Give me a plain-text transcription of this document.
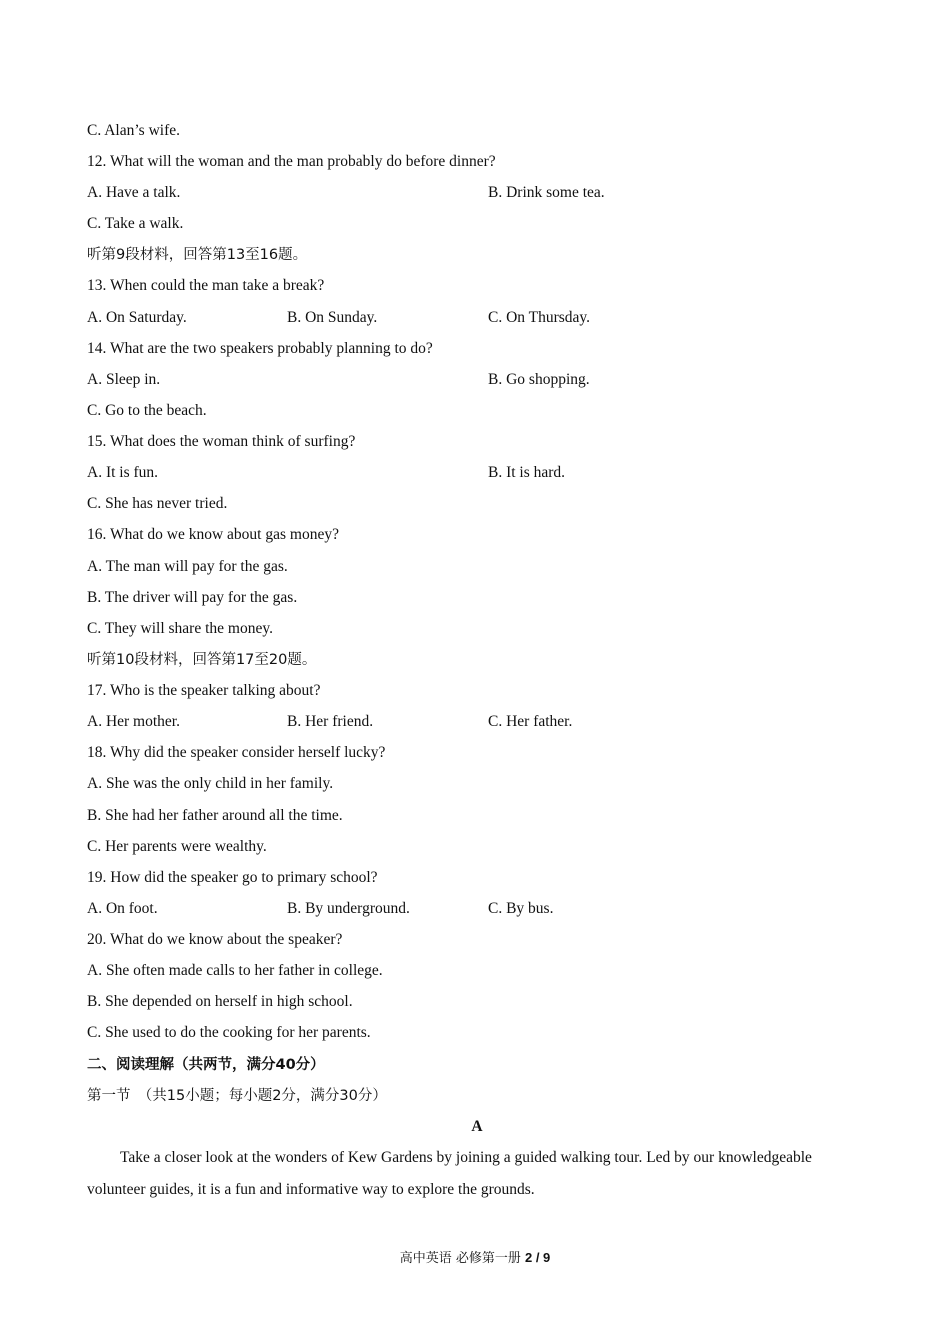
C. Alan’s wife.
12. What will the woman and the man probably do before dinner?
A. Have a talk.	B. Drink some tea.
C. Take a walk.
听第9段材料，回答第13至16题。
13. When could the man take a break?
A. On Saturday.	B. On Sunday.	C. On Thursday.
14. What are the two speakers probably planning to do?
A. Sleep in.	B. Go shopping.
C. Go to the beach.
15. What does the woman think of surfing?
A. It is fun.	B. It is hard.
C. She has never tried.
16. What do we know about gas money?
A. The man will pay for the gas.
B. The driver will pay for the gas.
C. They will share the money.
听第10段材料，回答第17至20题。
17. Who is the speaker talking about?
A. Her mother.	B. Her friend.	C. Her father.
18. Why did the speaker consider herself lucky?
A. She was the only child in her family.
B. She had her father around all the time.
C. Her parents were wealthy.
19. How did the speaker go to primary school?
A. On foot.	B. By underground.	C. By bus.
20. What do we know about the speaker?
A. She often made calls to her father in college.
B. She depended on herself in high school.
C. She used to do the cooking for her parents.
二、阅读理解（共两节，满分40分）
第一节　（共15小题；每小题2分，满分30分）
A
Take a closer look at the wonders of Kew Gardens by joining a guided walking tour. Led by our knowledgeable volunteer guides, it is a fun and informative way to explore the grounds.
高中英语 必修第一册 2 / 9
